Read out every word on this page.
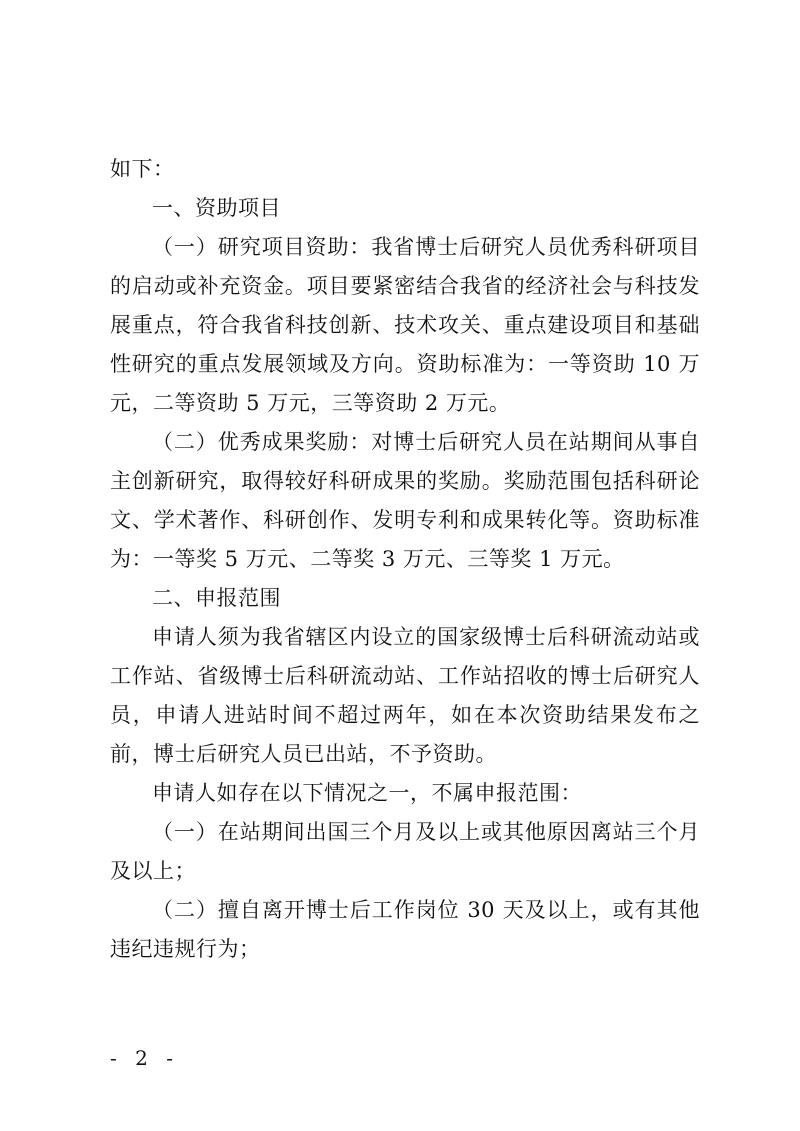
如下：

一、资助项目

（一）研究项目资助：我省博士后研究人员优秀科研项目的启动或补充资金。项目要紧密结合我省的经济社会与科技发展重点，符合我省科技创新、技术攻关、重点建设项目和基础性研究的重点发展领域及方向。资助标准为：一等资助 10 万元，二等资助 5 万元，三等资助 2 万元。

（二）优秀成果奖励：对博士后研究人员在站期间从事自主创新研究，取得较好科研成果的奖励。奖励范围包括科研论文、学术著作、科研创作、发明专利和成果转化等。资助标准为：一等奖 5 万元、二等奖 3 万元、三等奖 1 万元。

二、申报范围

申请人须为我省辖区内设立的国家级博士后科研流动站或工作站、省级博士后科研流动站、工作站招收的博士后研究人员，申请人进站时间不超过两年，如在本次资助结果发布之前，博士后研究人员已出站，不予资助。

申请人如存在以下情况之一，不属申报范围：

（一）在站期间出国三个月及以上或其他原因离站三个月及以上；

（二）擅自离开博士后工作岗位 30 天及以上，或有其他违纪违规行为；

- 2 -
